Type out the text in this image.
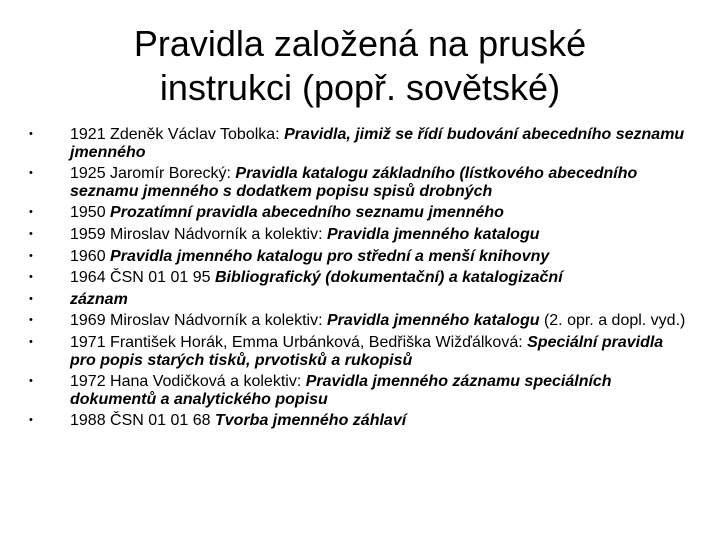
Pravidla založená na pruské
instrukci (popř. sovětské)
•	1921 Zdeněk Václav Tobolka: Pravidla, jimiž se řídí budování abecedního seznamu jmenného
•	1925 Jaromír Borecký: Pravidla katalogu základního (lístkového abecedního seznamu jmenného s dodatkem popisu spisů drobných
•	1950 Prozatímní pravidla abecedního seznamu jmenného
•	1959 Miroslav Nádvorník a kolektiv: Pravidla jmenného katalogu
•	1960 Pravidla jmenného katalogu pro střední a menší knihovny
•	1964 ČSN 01 01 95 Bibliografický (dokumentační) a katalogizační
•	záznam
•	1969 Miroslav Nádvorník a kolektiv: Pravidla jmenného katalogu (2. opr. a dopl. vyd.)
•	1971 František Horák, Emma Urbánková, Bedřiška Wižďálková: Speciální pravidla pro popis starých tisků, prvotisků a rukopisů
•	1972 Hana Vodičková a kolektiv: Pravidla jmenného záznamu speciálních dokumentů a analytického popisu
•	1988 ČSN 01 01 68 Tvorba jmenného záhlaví
